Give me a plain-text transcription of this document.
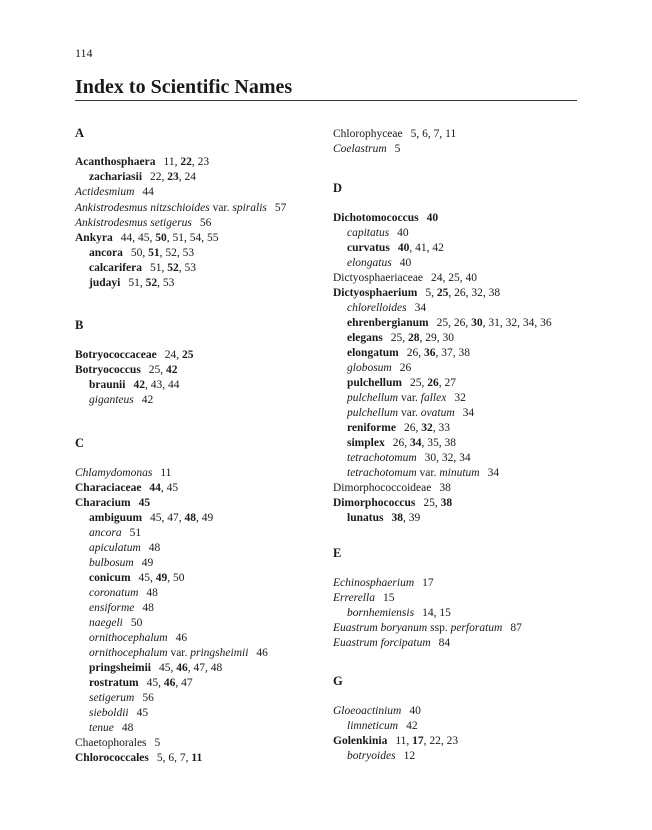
114
Index to Scientific Names
A
Acanthosphaera 11, 22, 23
zachariasii 22, 23, 24
Actidesmium 44
Ankistrodesmus nitzschioides var. spiralis 57
Ankistrodesmus setigerus 56
Ankyra 44, 45, 50, 51, 54, 55
ancora 50, 51, 52, 53
calcarifera 51, 52, 53
judayi 51, 52, 53
B
Botryococcaceae 24, 25
Botryococcus 25, 42
braunii 42, 43, 44
giganteus 42
C
Chlamydomonas 11
Characiaceae 44, 45
Characium 45
ambiguum 45, 47, 48, 49
ancora 51
apiculatum 48
bulbosum 49
conicum 45, 49, 50
coronatum 48
ensiforme 48
naegeli 50
ornithocephalum 46
ornithocephalum var. pringsheimii 46
pringsheimii 45, 46, 47, 48
rostratum 45, 46, 47
setigerum 56
sieboldii 45
tenue 48
Chaetophorales 5
Chlorococcales 5, 6, 7, 11
Chlorophyceae 5, 6, 7, 11
Coelastrum 5
D
Dichotomococcus 40
capitatus 40
curvatus 40, 41, 42
elongatus 40
Dictyosphaeriaceae 24, 25, 40
Dictyosphaerium 5, 25, 26, 32, 38
chlorelloides 34
ehrenbergianum 25, 26, 30, 31, 32, 34, 36
elegans 25, 28, 29, 30
elongatum 26, 36, 37, 38
globosum 26
pulchellum 25, 26, 27
pulchellum var. fallex 32
pulchellum var. ovatum 34
reniforme 26, 32, 33
simplex 26, 34, 35, 38
tetrachotomum 30, 32, 34
tetrachotomum var. minutum 34
Dimorphococcoideae 38
Dimorphococcus 25, 38
lunatus 38, 39
E
Echinosphaerium 17
Errerella 15
bornhemiensis 14, 15
Euastrum boryanum ssp. perforatum 87
Euastrum forcipatum 84
G
Gloeoactinium 40
limneticum 42
Golenkinia 11, 17, 22, 23
botryoides 12
